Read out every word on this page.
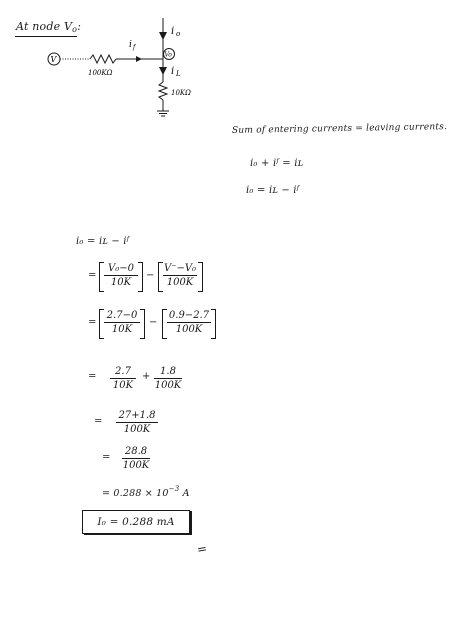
At node Vo:
V
100KΩ
i f
Vo
i o
i L
10KΩ
Sum of entering currents = leaving currents.
i₀ + iᶠ = iʟ
i₀ = iʟ − iᶠ
i₀ = iʟ − iᶠ
=
V₀−0
10K
−
V⁻−V₀
100K
=
2.7−0
10K
−
0.9−2.7
100K
= 2.7
10K
+ 1.8
100K
=
27+1.8
100K
=
28.8
100K
= $0.288 \times 10^{-3}$ A
I₀ = 0.288 mA
=
